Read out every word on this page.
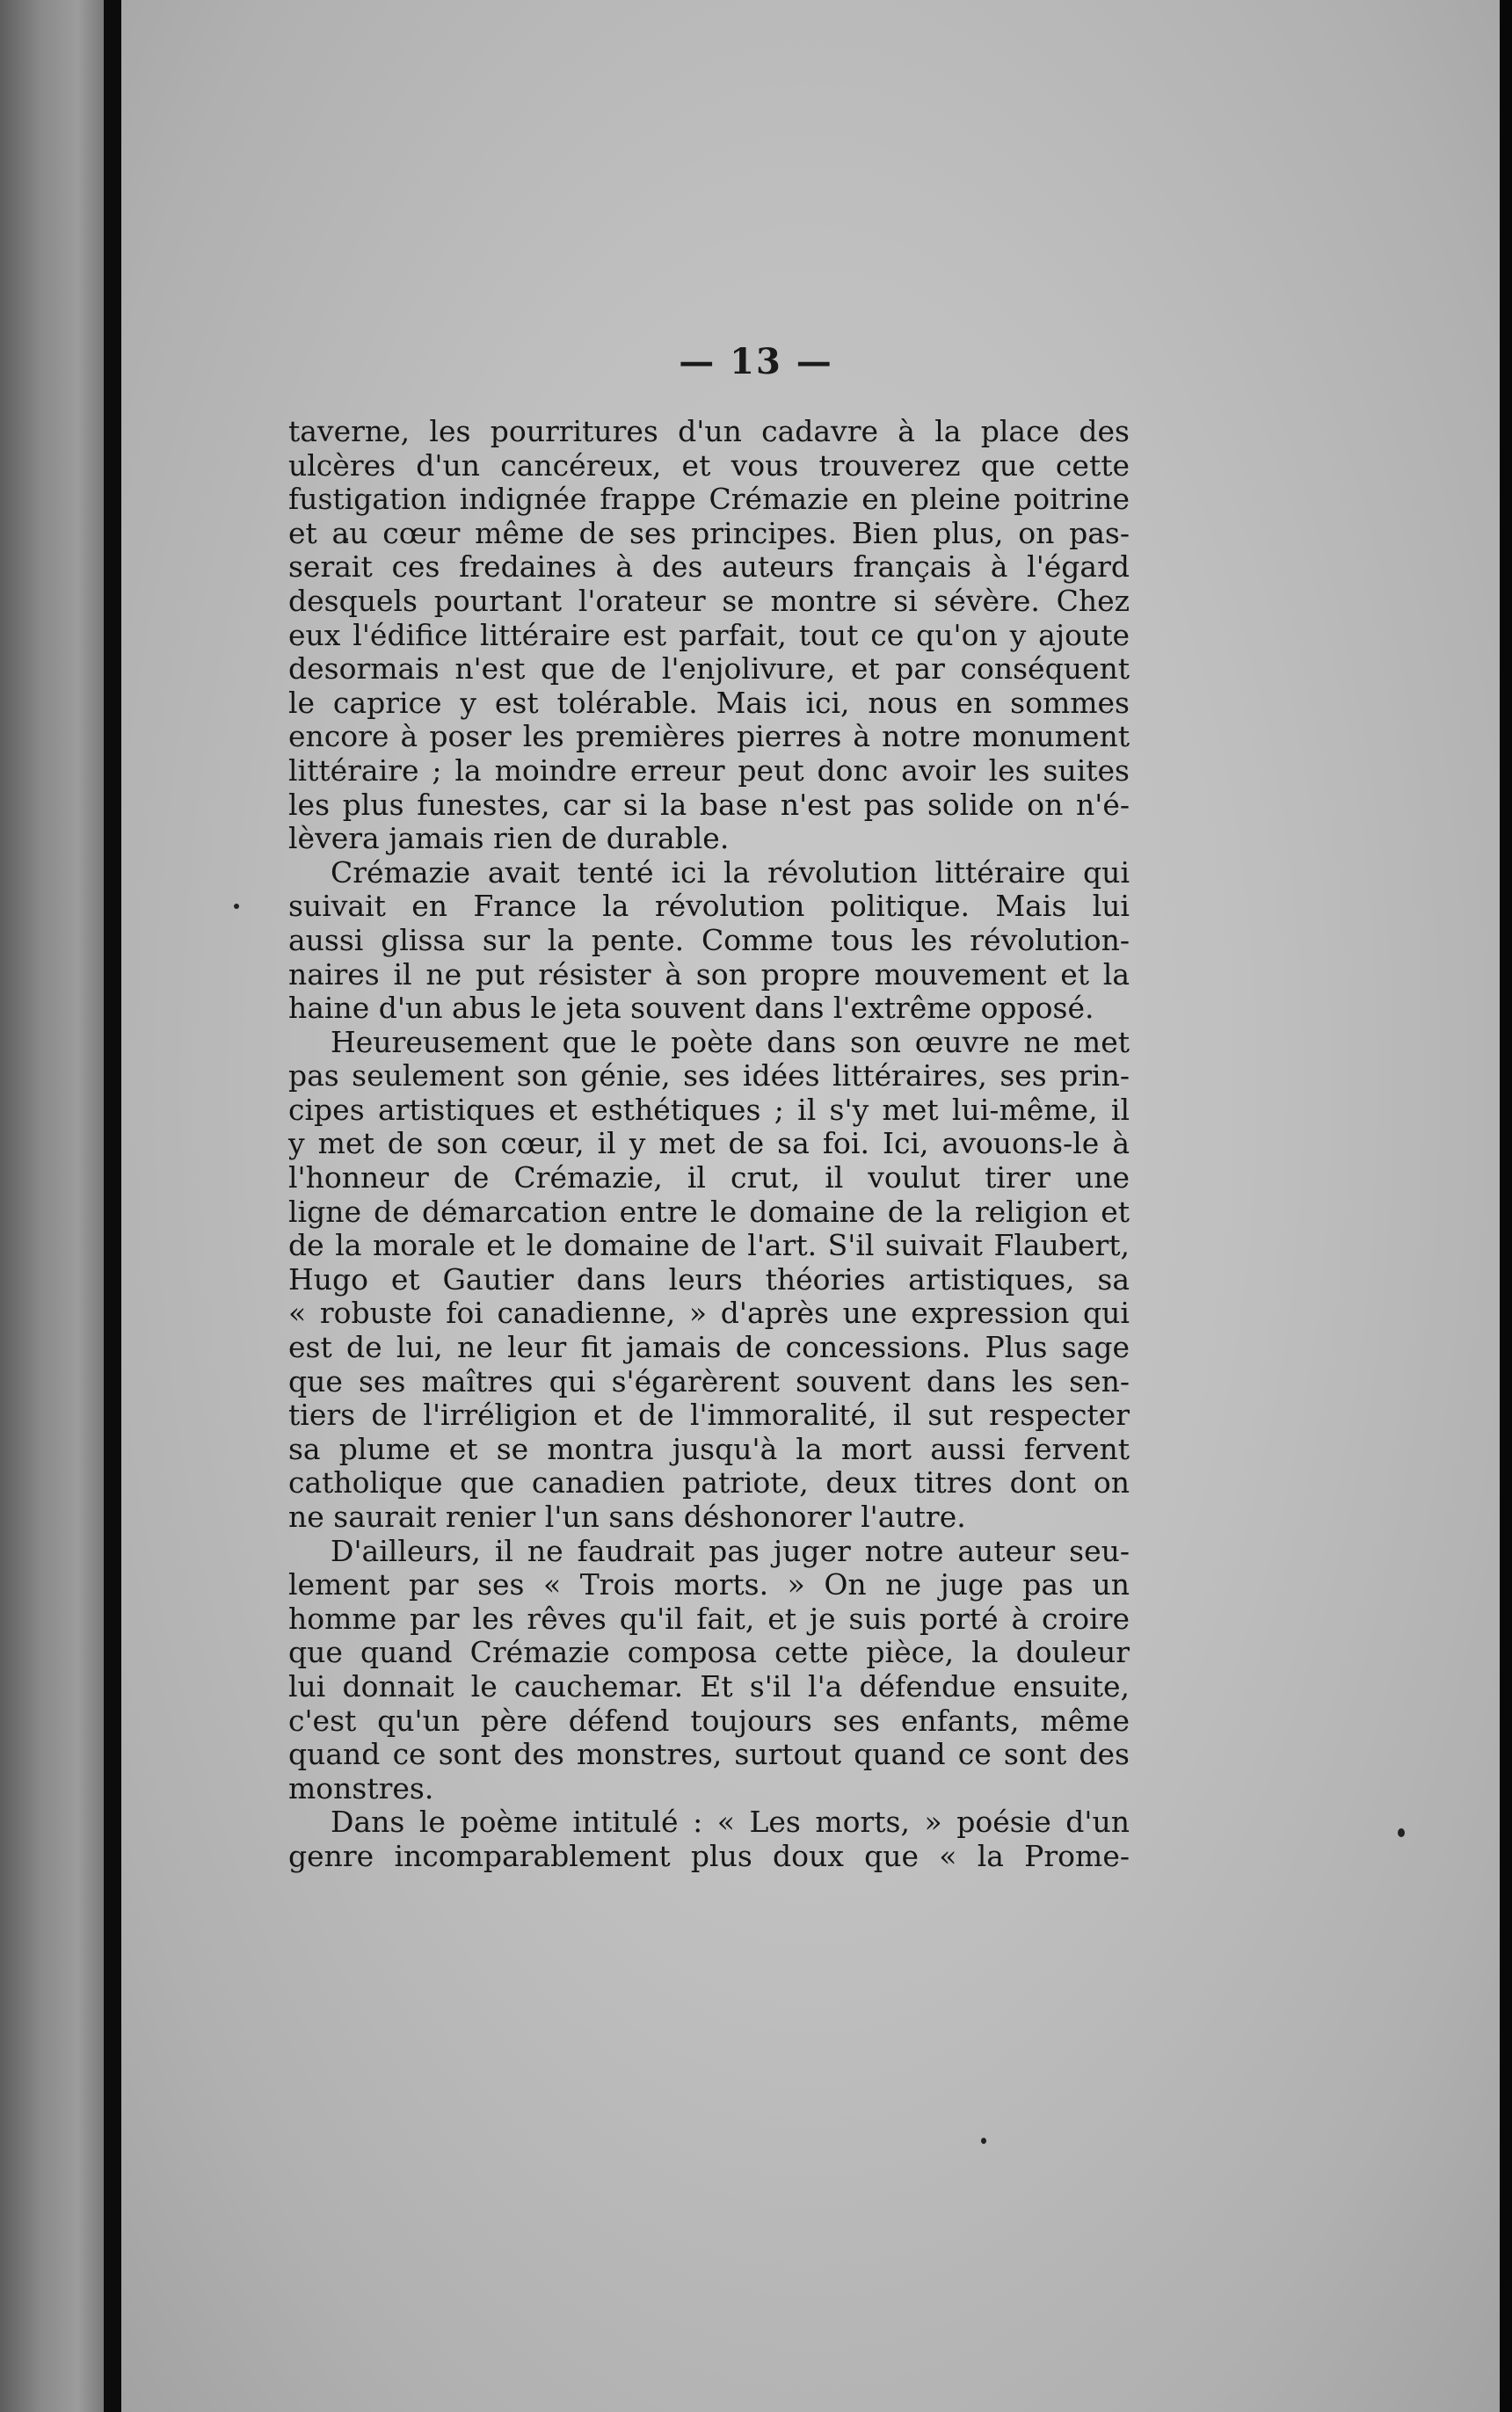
— 13 —
taverne, les pourritures d'un cadavre à la place des
ulcères d'un cancéreux, et vous trouverez que cette
fustigation indignée frappe Crémazie en pleine poitrine
et au cœur même de ses principes. Bien plus, on pas-
serait ces fredaines à des auteurs français à l'égard
desquels pourtant l'orateur se montre si sévère. Chez
eux l'édifice littéraire est parfait, tout ce qu'on y ajoute
desormais n'est que de l'enjolivure, et par conséquent
le caprice y est tolérable. Mais ici, nous en sommes
encore à poser les premières pierres à notre monument
littéraire ; la moindre erreur peut donc avoir les suites
les plus funestes, car si la base n'est pas solide on n'é-
lèvera jamais rien de durable.
Crémazie avait tenté ici la révolution littéraire qui
suivait en France la révolution politique. Mais lui
aussi glissa sur la pente. Comme tous les révolution-
naires il ne put résister à son propre mouvement et la
haine d'un abus le jeta souvent dans l'extrême opposé.
Heureusement que le poète dans son œuvre ne met
pas seulement son génie, ses idées littéraires, ses prin-
cipes artistiques et esthétiques ; il s'y met lui-même, il
y met de son cœur, il y met de sa foi. Ici, avouons-le à
l'honneur de Crémazie, il crut, il voulut tirer une
ligne de démarcation entre le domaine de la religion et
de la morale et le domaine de l'art. S'il suivait Flaubert,
Hugo et Gautier dans leurs théories artistiques, sa
« robuste foi canadienne, » d'après une expression qui
est de lui, ne leur fit jamais de concessions. Plus sage
que ses maîtres qui s'égarèrent souvent dans les sen-
tiers de l'irréligion et de l'immoralité, il sut respecter
sa plume et se montra jusqu'à la mort aussi fervent
catholique que canadien patriote, deux titres dont on
ne saurait renier l'un sans déshonorer l'autre.
D'ailleurs, il ne faudrait pas juger notre auteur seu-
lement par ses « Trois morts. » On ne juge pas un
homme par les rêves qu'il fait, et je suis porté à croire
que quand Crémazie composa cette pièce, la douleur
lui donnait le cauchemar. Et s'il l'a défendue ensuite,
c'est qu'un père défend toujours ses enfants, même
quand ce sont des monstres, surtout quand ce sont des
monstres.
Dans le poème intitulé : « Les morts, » poésie d'un
genre incomparablement plus doux que « la Prome-
